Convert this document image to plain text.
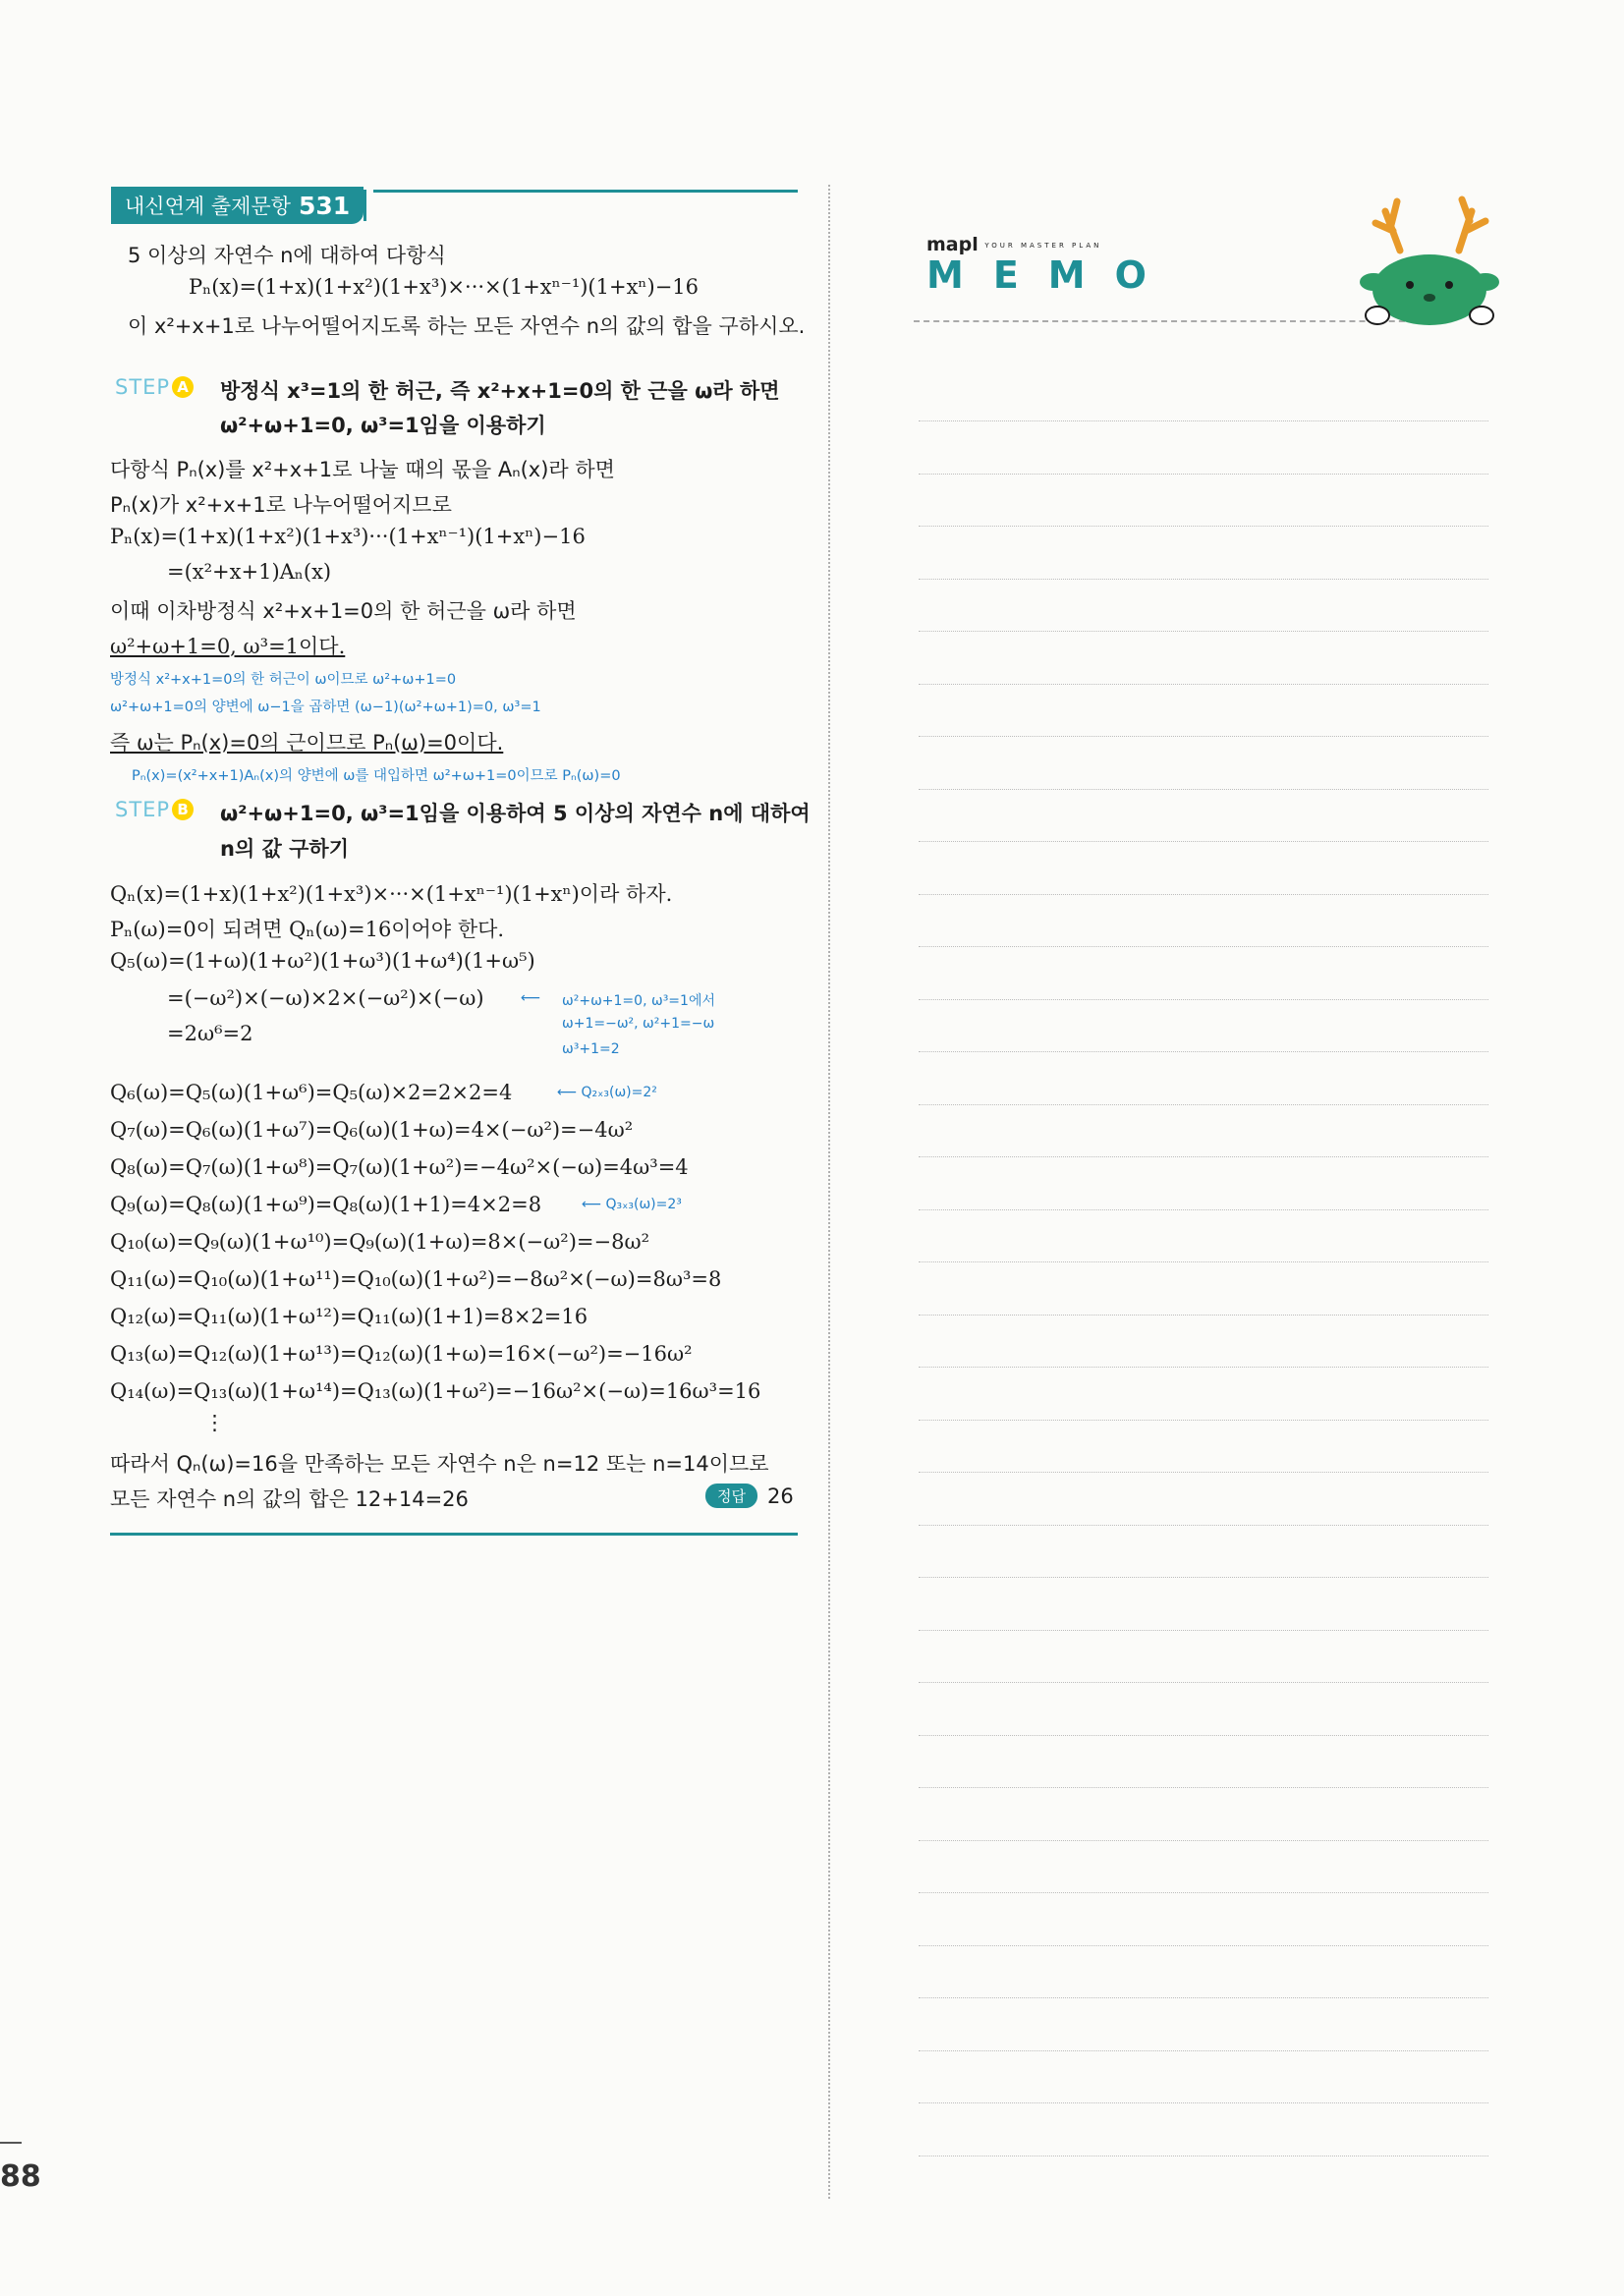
내신연계 출제문항 531
5 이상의 자연수 n에 대하여 다항식
Pₙ(x)=(1+x)(1+x²)(1+x³)×···×(1+xⁿ⁻¹)(1+xⁿ)−16
이 x²+x+1로 나누어떨어지도록 하는 모든 자연수 n의 값의 합을 구하시오.
STEP A 방정식 x³=1의 한 허근, 즉 x²+x+1=0의 한 근을 ω라 하면
ω²+ω+1=0, ω³=1임을 이용하기
다항식 Pₙ(x)를 x²+x+1로 나눌 때의 몫을 Aₙ(x)라 하면
Pₙ(x)가 x²+x+1로 나누어떨어지므로
Pₙ(x)=(1+x)(1+x²)(1+x³)···(1+xⁿ⁻¹)(1+xⁿ)−16
=(x²+x+1)Aₙ(x)
이때 이차방정식 x²+x+1=0의 한 허근을 ω라 하면
ω²+ω+1=0, ω³=1이다.
방정식 x²+x+1=0의 한 허근이 ω이므로 ω²+ω+1=0
ω²+ω+1=0의 양변에 ω−1을 곱하면 (ω−1)(ω²+ω+1)=0, ω³=1
즉 ω는 Pₙ(x)=0의 근이므로 Pₙ(ω)=0이다.
Pₙ(x)=(x²+x+1)Aₙ(x)의 양변에 ω를 대입하면 ω²+ω+1=0이므로 Pₙ(ω)=0
STEP B ω²+ω+1=0, ω³=1임을 이용하여 5 이상의 자연수 n에 대하여
n의 값 구하기
Qₙ(x)=(1+x)(1+x²)(1+x³)×···×(1+xⁿ⁻¹)(1+xⁿ)이라 하자.
Pₙ(ω)=0이 되려면 Qₙ(ω)=16이어야 한다.
Q₅(ω)=(1+ω)(1+ω²)(1+ω³)(1+ω⁴)(1+ω⁵)
=(−ω²)×(−ω)×2×(−ω²)×(−ω)
=2ω⁶=2
⟵ ω²+ω+1=0, ω³=1에서
ω+1=−ω², ω²+1=−ω
ω³+1=2
Q₆(ω)=Q₅(ω)(1+ω⁶)=Q₅(ω)×2=2×2=4	⟵ Q₂ₓ₃(ω)=2²
Q₇(ω)=Q₆(ω)(1+ω⁷)=Q₆(ω)(1+ω)=4×(−ω²)=−4ω²
Q₈(ω)=Q₇(ω)(1+ω⁸)=Q₇(ω)(1+ω²)=−4ω²×(−ω)=4ω³=4
Q₉(ω)=Q₈(ω)(1+ω⁹)=Q₈(ω)(1+1)=4×2=8	⟵ Q₃ₓ₃(ω)=2³
Q₁₀(ω)=Q₉(ω)(1+ω¹⁰)=Q₉(ω)(1+ω)=8×(−ω²)=−8ω²
Q₁₁(ω)=Q₁₀(ω)(1+ω¹¹)=Q₁₀(ω)(1+ω²)=−8ω²×(−ω)=8ω³=8
Q₁₂(ω)=Q₁₁(ω)(1+ω¹²)=Q₁₁(ω)(1+1)=8×2=16
Q₁₃(ω)=Q₁₂(ω)(1+ω¹³)=Q₁₂(ω)(1+ω)=16×(−ω²)=−16ω²
Q₁₄(ω)=Q₁₃(ω)(1+ω¹⁴)=Q₁₃(ω)(1+ω²)=−16ω²×(−ω)=16ω³=16
⋮
따라서 Qₙ(ω)=16을 만족하는 모든 자연수 n은 n=12 또는 n=14이므로
모든 자연수 n의 값의 합은 12+14=26	정답 26
mapl YOUR MASTER PLAN
MEMO
88
